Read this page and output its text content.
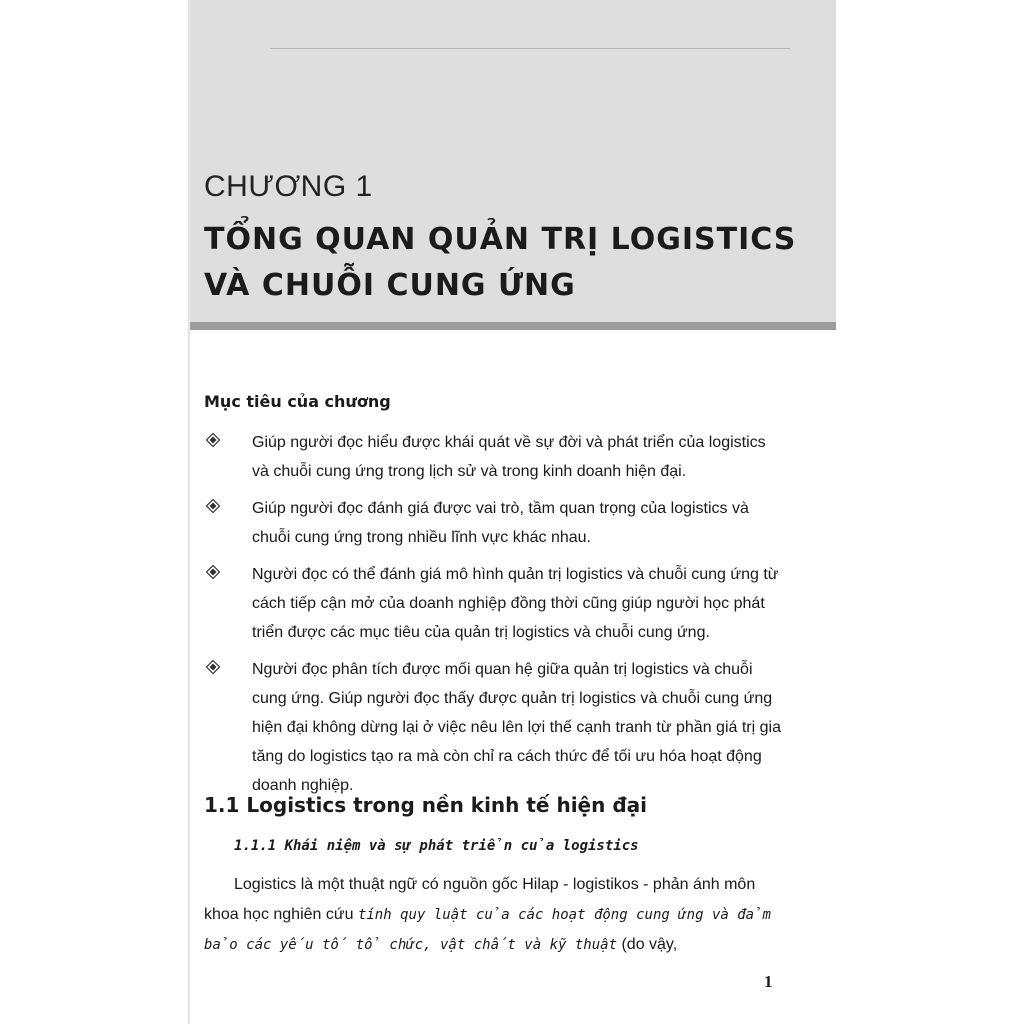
CHƯƠNG 1
TỔNG QUAN QUẢN TRỊ LOGISTICS
VÀ CHUỖI CUNG ỨNG
Mục tiêu của chương
Giúp người đọc hiểu được khái quát về sự đời và phát triển của logistics và chuỗi cung ứng trong lịch sử và trong kinh doanh hiện đại.
Giúp người đọc đánh giá được vai trò, tầm quan trọng của logistics và chuỗi cung ứng trong nhiều lĩnh vực khác nhau.
Người đọc có thể đánh giá mô hình quản trị logistics và chuỗi cung ứng từ cách tiếp cận mở của doanh nghiệp đồng thời cũng giúp người học phát triển được các mục tiêu của quản trị logistics và chuỗi cung ứng.
Người đọc phân tích được mối quan hệ giữa quản trị logistics và chuỗi cung ứng. Giúp người đọc thấy được quản trị logistics và chuỗi cung ứng hiện đại không dừng lại ở việc nêu lên lợi thế cạnh tranh từ phần giá trị gia tăng do logistics tạo ra mà còn chỉ ra cách thức để tối ưu hóa hoạt động doanh nghiệp.
1.1 Logistics trong nền kinh tế hiện đại
1.1.1 Khái niệm và sự phát triển của logistics
Logistics là một thuật ngữ có nguồn gốc Hilap - logistikos - phản ánh môn khoa học nghiên cứu tính quy luật của các hoạt động cung ứng và đảm bảo các yếu tố tổ chức, vật chất và kỹ thuật (do vậy,
1
